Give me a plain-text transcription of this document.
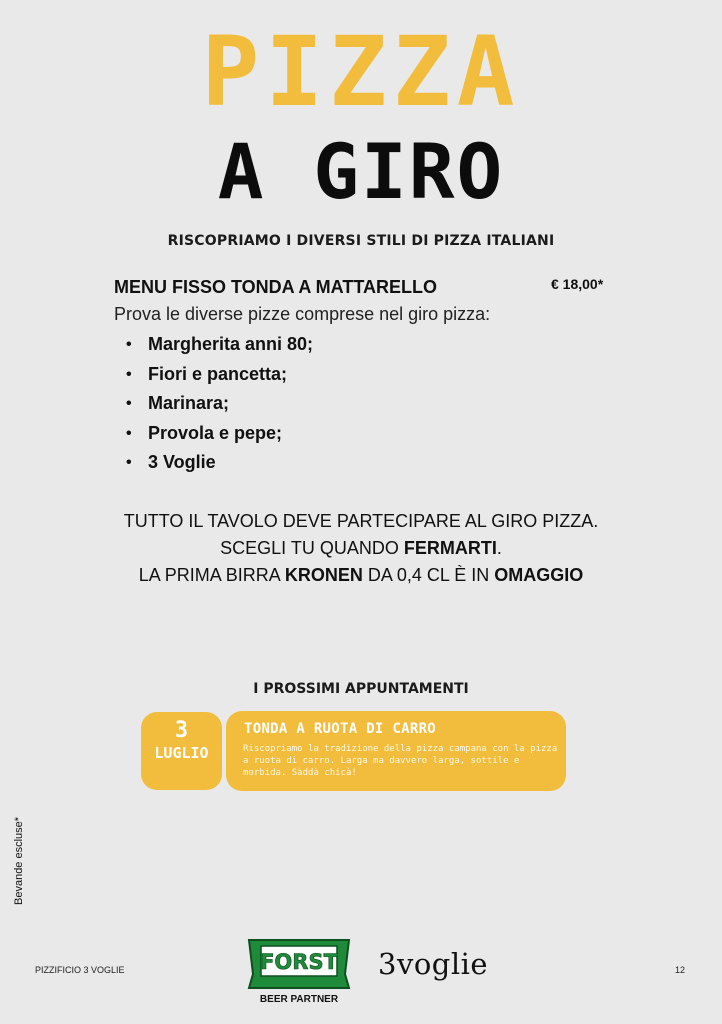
PIZZA
A GIRO
RISCOPRIAMO I DIVERSI STILI DI PIZZA ITALIANI
MENU FISSO TONDA A MATTARELLO	€ 18,00*
Prova le diverse pizze comprese nel giro pizza:
• Margherita anni 80;
• Fiori e pancetta;
• Marinara;
• Provola e pepe;
• 3 Voglie
TUTTO IL TAVOLO DEVE PARTECIPARE AL GIRO PIZZA.
SCEGLI TU QUANDO FERMARTI.
LA PRIMA BIRRA KRONEN DA 0,4 CL È IN OMAGGIO
I PROSSIMI APPUNTAMENTI
3
LUGLIO
TONDA A RUOTA DI CARRO
Riscopriamo la tradizione della pizza campana con la pizza a ruota di carro. Larga ma davvero larga, sottile e morbida. Sàddà chicà!
Bevande escluse*
PIZZIFICIO 3 VOGLIE	12
FORST
BEER PARTNER
3voglie
